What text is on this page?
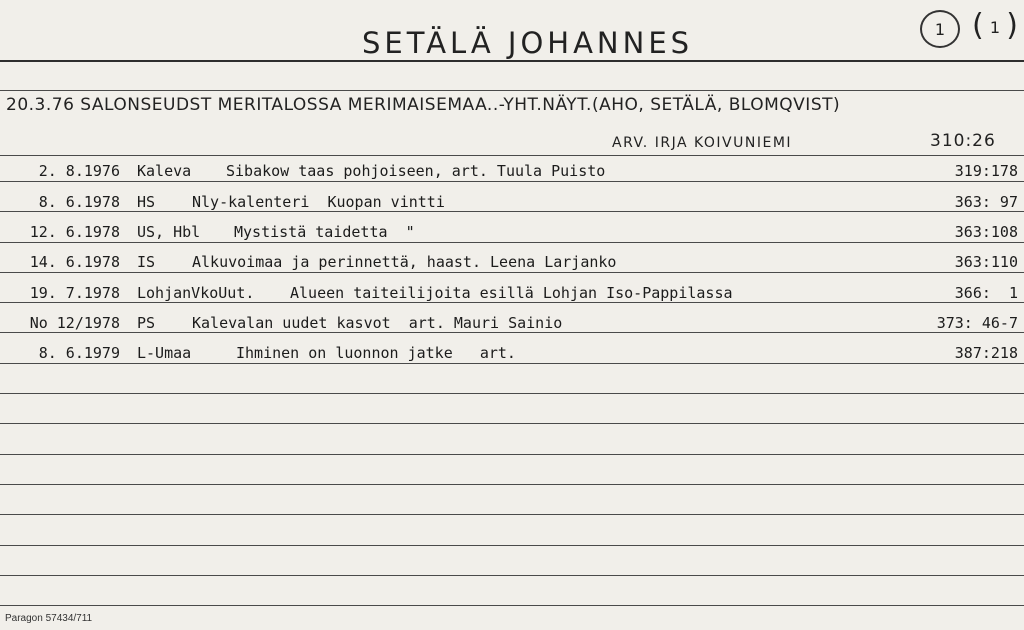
SETÄLÄ JOHANNES	1
(	1 )
20.3.76 SALONSEUDST MERITALOSSA MERIMAISEMAA..-YHT.NÄYT.(AHO, SETÄLÄ, BLOMQVIST)
ARV. IRJA KOIVUNIEMI	310:26

2. 8.1976

Kaleva

Sibakow taas pohjoiseen, art. Tuula Puisto

	319:178

8. 6.1978

HS

Nly-kalenteri  Kuopan vintti

	363: 97

12. 6.1978

US, Hbl

Mystistä taidetta  "

	363:108

14. 6.1978

IS

Alkuvoimaa ja perinnettä, haast. Leena Larjanko

	363:110

19. 7.1978

LohjanVkoUut.

Alueen taiteilijoita esillä Lohjan Iso-Pappilassa

	366:  1

No 12/1978

PS

Kalevalan uudet kasvot  art. Mauri Sainio

	373: 46-7

8. 6.1979

L-Umaa

	Ihminen on luonnon jatke   art.

	387:218

Paragon 57434/711
